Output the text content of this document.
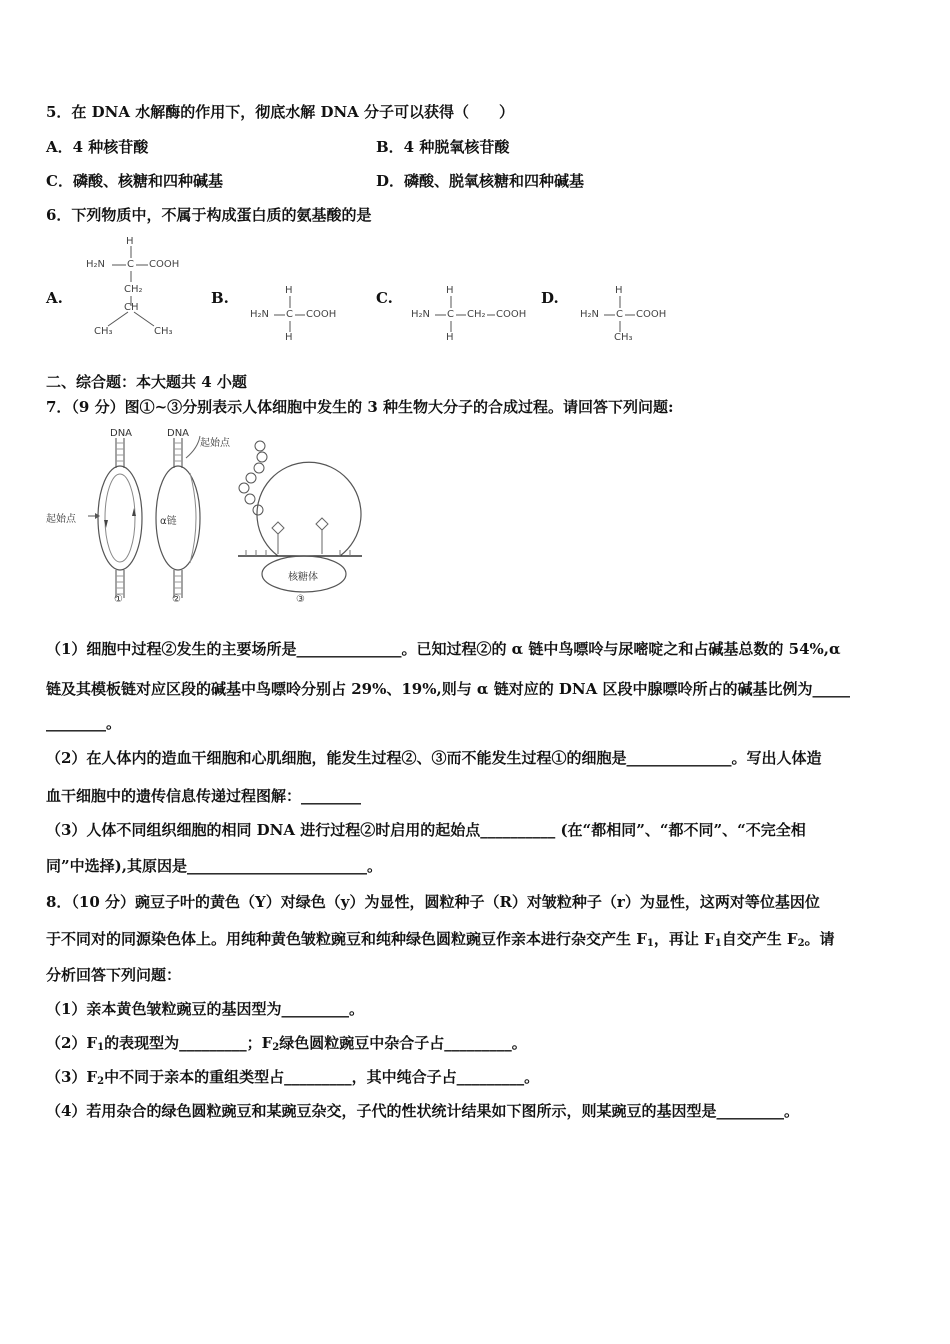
5．在 DNA 水解酶的作用下，彻底水解 DNA 分子可以获得（　　）
A．4 种核苷酸	B．4 种脱氧核苷酸
C．磷酸、核糖和四种碱基	D．磷酸、脱氧核糖和四种碱基
6．下列物质中，不属于构成蛋白质的氨基酸的是
A.
H
H₂N C COOH
CH₂
CH
CH₃	CH₃
B.	H
H₂N C COOH
H
C.	H
H₂N C CH₂ COOH
H
D.	H
H₂N C COOH
CH₃
二、综合题：本大题共 4 小题
7．（9 分）图①~③分别表示人体细胞中发生的 3 种生物大分子的合成过程。请回答下列问题:
DNA	DNA
起始点
起始点	α链
核糖体
①	②	③
（1）细胞中过程②发生的主要场所是______________。已知过程②的 α 链中鸟嘌呤与尿嘧啶之和占碱基总数的 54%,α
链及其模板链对应区段的碱基中鸟嘌呤分别占 29%、19%,则与 α 链对应的 DNA 区段中腺嘌呤所占的碱基比例为_____
________。
（2）在人体内的造血干细胞和心肌细胞，能发生过程②、③而不能发生过程①的细胞是______________。写出人体造
血干细胞中的遗传信息传递过程图解：________
（3）人体不同组织细胞的相同 DNA 进行过程②时启用的起始点__________ (在“都相同”、“都不同”、“不完全相
同”中选择),其原因是________________________。
8．（10 分）豌豆子叶的黄色（Y）对绿色（y）为显性，圆粒种子（R）对皱粒种子（r）为显性，这两对等位基因位
于不同对的同源染色体上。用纯种黄色皱粒豌豆和纯种绿色圆粒豌豆作亲本进行杂交产生 $F_1$，再让 $F_1$自交产生 $F_2$。请
分析回答下列问题：
（1）亲本黄色皱粒豌豆的基因型为_________。
$(2)F_1$的表现型为_________；$F_2$绿色圆粒豌豆中杂合子占_________。
$(3)F_2$中不同于亲本的重组类型占_________，其中纯合子占_________。
（4）若用杂合的绿色圆粒豌豆和某豌豆杂交，子代的性状统计结果如下图所示，则某豌豆的基因型是_________。
